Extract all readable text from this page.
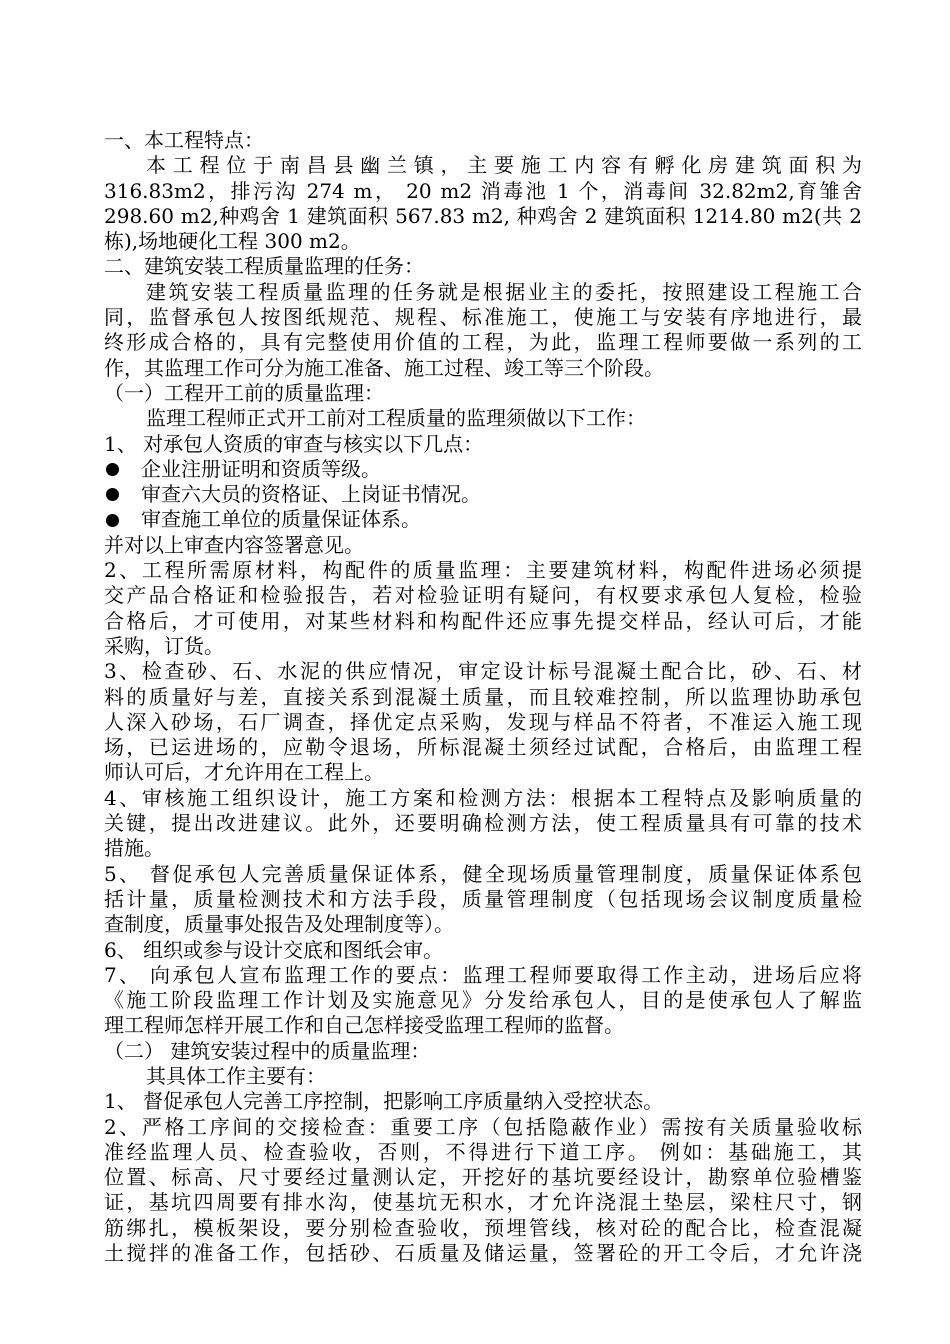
一、本工程特点：
本工程位于南昌县幽兰镇，主要施工内容有孵化房建筑面积为
316.83m2，排污沟 274 m， 20 m2 消毒池 1 个，消毒间 32.82m2,育雏舍
298.60 m2,种鸡舍 1 建筑面积 567.83 m2, 种鸡舍 2 建筑面积 1214.80 m2(共 2
栋),场地硬化工程 300 m2。
二、建筑安装工程质量监理的任务：
建筑安装工程质量监理的任务就是根据业主的委托，按照建设工程施工合
同，监督承包人按图纸规范、规程、标准施工，使施工与安装有序地进行，最
终形成合格的，具有完整使用价值的工程，为此，监理工程师要做一系列的工
作，其监理工作可分为施工准备、施工过程、竣工等三个阶段。
（一）工程开工前的质量监理：
监理工程师正式开工前对工程质量的监理须做以下工作：
1、 对承包人资质的审查与核实以下几点：
企业注册证明和资质等级。
审查六大员的资格证、上岗证书情况。
审查施工单位的质量保证体系。
并对以上审查内容签署意见。
2、工程所需原材料，构配件的质量监理：主要建筑材料，构配件进场必须提
交产品合格证和检验报告，若对检验证明有疑问，有权要求承包人复检，检验
合格后，才可使用，对某些材料和构配件还应事先提交样品，经认可后，才能
采购，订货。
3、检查砂、石、水泥的供应情况，审定设计标号混凝土配合比，砂、石、材
料的质量好与差，直接关系到混凝土质量，而且较难控制，所以监理协助承包
人深入砂场，石厂调查，择优定点采购，发现与样品不符者，不准运入施工现
场，已运进场的，应勒令退场，所标混凝土须经过试配，合格后，由监理工程
师认可后，才允许用在工程上。
4、审核施工组织设计，施工方案和检测方法：根据本工程特点及影响质量的
关键，提出改进建议。此外，还要明确检测方法，使工程质量具有可靠的技术
措施。
5、 督促承包人完善质量保证体系，健全现场质量管理制度，质量保证体系包
括计量，质量检测技术和方法手段，质量管理制度（包括现场会议制度质量检
查制度，质量事处报告及处理制度等）。
6、 组织或参与设计交底和图纸会审。
7、 向承包人宣布监理工作的要点：监理工程师要取得工作主动，进场后应将
《施工阶段监理工作计划及实施意见》分发给承包人，目的是使承包人了解监
理工程师怎样开展工作和自己怎样接受监理工程师的监督。
（二） 建筑安装过程中的质量监理：
其具体工作主要有：
1、 督促承包人完善工序控制，把影响工序质量纳入受控状态。
2、严格工序间的交接检查：重要工序（包括隐蔽作业）需按有关质量验收标
准经监理人员、检查验收，否则，不得进行下道工序。 例如：基础施工，其
位置、标高、尺寸要经过量测认定，开挖好的基坑要经设计，勘察单位验槽鉴
证，基坑四周要有排水沟，使基坑无积水，才允许浇混土垫层，梁柱尺寸，钢
筋绑扎，模板架设，要分别检查验收，预埋管线，核对砼的配合比，检查混凝
土搅拌的准备工作，包括砂、石质量及储运量，签署砼的开工令后，才允许浇
